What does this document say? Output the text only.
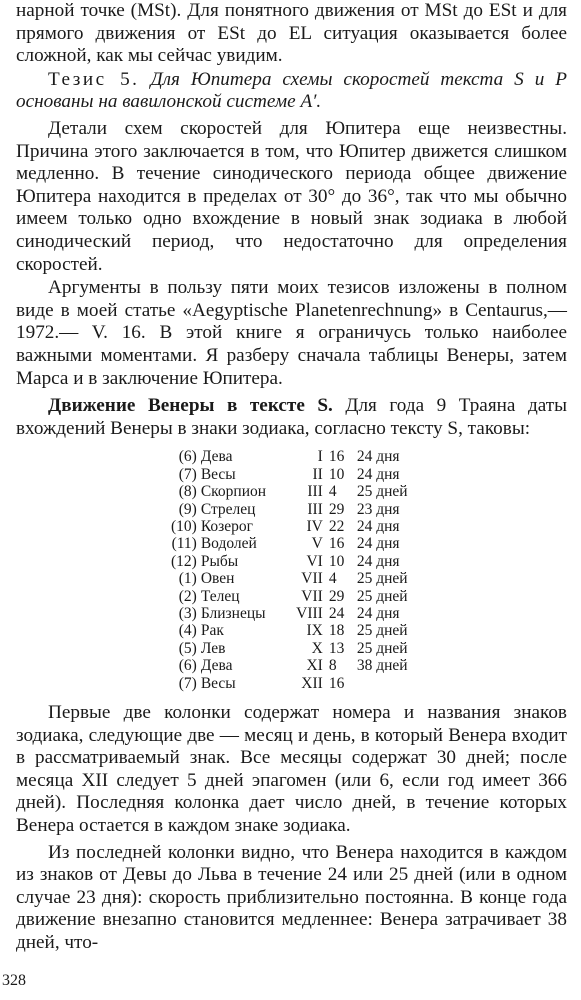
нарной точке (MSt). Для понятного движения от MSt до ESt и для прямого движения от ESt до EL ситуация оказывается более сложной, как мы сейчас увидим.

Тезис 5. Для Юпитера схемы скоростей текста S и P основаны на вавилонской системе A′.

Детали схем скоростей для Юпитера еще неизвестны. Причина этого заключается в том, что Юпитер движется слишком медленно. В течение синодического периода общее движение Юпитера находится в пределах от 30° до 36°, так что мы обычно имеем только одно вхождение в новый знак зодиака в любой синодический период, что недостаточно для определения скоростей.

Аргументы в пользу пяти моих тезисов изложены в полном виде в моей статье «Aegyptische Planetenrechnung» в Centaurus,— 1972.— V. 16. В этой книге я ограничусь только наиболее важными моментами. Я разберу сначала таблицы Венеры, затем Марса и в заключение Юпитера.

Движение Венеры в тексте S. Для года 9 Траяна даты вхождений Венеры в знаки зодиака, согласно тексту S, таковы:

(6)	Дева	I	16	24 дня
(7)	Весы	II	10	24 дня
(8)	Скорпион	III	4	25 дней
(9)	Стрелец	III	29	23 дня
(10)	Козерог	IV	22	24 дня
(11)	Водолей	V	16	24 дня
(12)	Рыбы	VI	10	24 дня
(1)	Овен	VII	4	25 дней
(2)	Телец	VII	29	25 дней
(3)	Близнецы	VIII	24	24 дня
(4)	Рак	IX	18	25 дней
(5)	Лев	X	13	25 дней
(6)	Дева	XI	8	38 дней
(7)	Весы	XII	16	

Первые две колонки содержат номера и названия знаков зодиака, следующие две — месяц и день, в который Венера входит в рассматриваемый знак. Все месяцы содержат 30 дней; после месяца XII следует 5 дней эпагомен (или 6, если год имеет 366 дней). Последняя колонка дает число дней, в течение которых Венера остается в каждом знаке зодиака.

Из последней колонки видно, что Венера находится в каждом из знаков от Девы до Льва в течение 24 или 25 дней (или в одном случае 23 дня): скорость приблизительно постоянна. В конце года движение внезапно становится медленнее: Венера затрачивает 38 дней, что-

328
